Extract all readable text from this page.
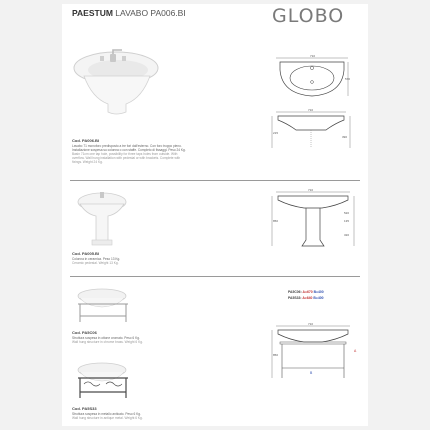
PAESTUM LAVABO PA006.BI	GLOBO
Cod. PA006.BI
Lavabo 71 monoforo predisposto a tre fori dall'esterno. Con foro troppo pieno. Installazione sospesa su colonna o con staffe. Completo di fissaggi. Peso 24 Kg.
Basin 71cm one tap hole, possibility for three taps holes from outside. With overflow. Wall hung installation with pedestal or with brackets. Complete with fixings. Weight 24 Kg.
710
570
710
215
390
Cod. PA005.BI
Colonna in ceramica. Peso 13 Kg.
Ceramic pedestal. Weight 13 Kg.
710
850
520
135
320
Cod. PA5C06
Struttura sospesa in ottone cromato. Peso 6 Kg.
Wall hung structure in chrome brass. Weight 6 Kg.
PA5C06: A=670 B=400
PA5S33: A=640 B=400
710
850
A
B
Cod. PA5S33
Struttura sospesa in metallo anticato. Peso 6 Kg.
Wall hung structure in antique metal. Weight 6 Kg.
